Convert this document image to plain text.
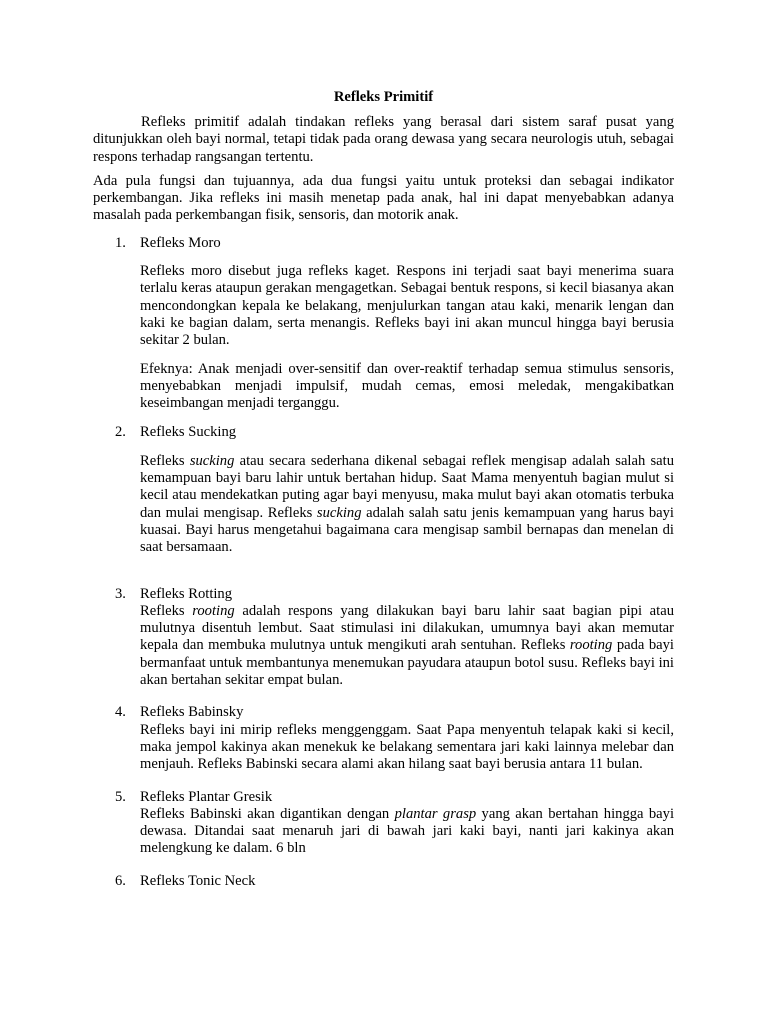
Refleks Primitif

Refleks primitif adalah tindakan refleks yang berasal dari sistem saraf pusat yang ditunjukkan oleh bayi normal, tetapi tidak pada orang dewasa yang secara neurologis utuh, sebagai respons terhadap rangsangan tertentu.

Ada pula fungsi dan tujuannya, ada dua fungsi yaitu untuk proteksi dan sebagai indikator perkembangan. Jika refleks ini masih menetap pada anak, hal ini dapat menyebabkan adanya masalah pada perkembangan fisik, sensoris, dan motorik anak.

1. Refleks Moro
Refleks moro disebut juga refleks kaget. Respons ini terjadi saat bayi menerima suara terlalu keras ataupun gerakan mengagetkan. Sebagai bentuk respons, si kecil biasanya akan mencondongkan kepala ke belakang, menjulurkan tangan atau kaki, menarik lengan dan kaki ke bagian dalam, serta menangis. Refleks bayi ini akan muncul hingga bayi berusia sekitar 2 bulan.
Efeknya: Anak menjadi over-sensitif dan over-reaktif terhadap semua stimulus sensoris, menyebabkan menjadi impulsif, mudah cemas, emosi meledak, mengakibatkan keseimbangan menjadi terganggu.
2. Refleks Sucking
Refleks sucking atau secara sederhana dikenal sebagai reflek mengisap adalah salah satu kemampuan bayi baru lahir untuk bertahan hidup. Saat Mama menyentuh bagian mulut si kecil atau mendekatkan puting agar bayi menyusu, maka mulut bayi akan otomatis terbuka dan mulai mengisap. Refleks sucking adalah salah satu jenis kemampuan yang harus bayi kuasai. Bayi harus mengetahui bagaimana cara mengisap sambil bernapas dan menelan di saat bersamaan.
3. Refleks Rotting
Refleks rooting adalah respons yang dilakukan bayi baru lahir saat bagian pipi atau mulutnya disentuh lembut. Saat stimulasi ini dilakukan, umumnya bayi akan memutar kepala dan membuka mulutnya untuk mengikuti arah sentuhan. Refleks rooting pada bayi bermanfaat untuk membantunya menemukan payudara ataupun botol susu. Refleks bayi ini akan bertahan sekitar empat bulan.
4. Refleks Babinsky
Refleks bayi ini mirip refleks menggenggam. Saat Papa menyentuh telapak kaki si kecil, maka jempol kakinya akan menekuk ke belakang sementara jari kaki lainnya melebar dan menjauh. Refleks Babinski secara alami akan hilang saat bayi berusia antara 11 bulan.
5. Refleks Plantar Gresik
Refleks Babinski akan digantikan dengan plantar grasp yang akan bertahan hingga bayi dewasa. Ditandai saat menaruh jari di bawah jari kaki bayi, nanti jari kakinya akan melengkung ke dalam. 6 bln
6. Refleks Tonic Neck
